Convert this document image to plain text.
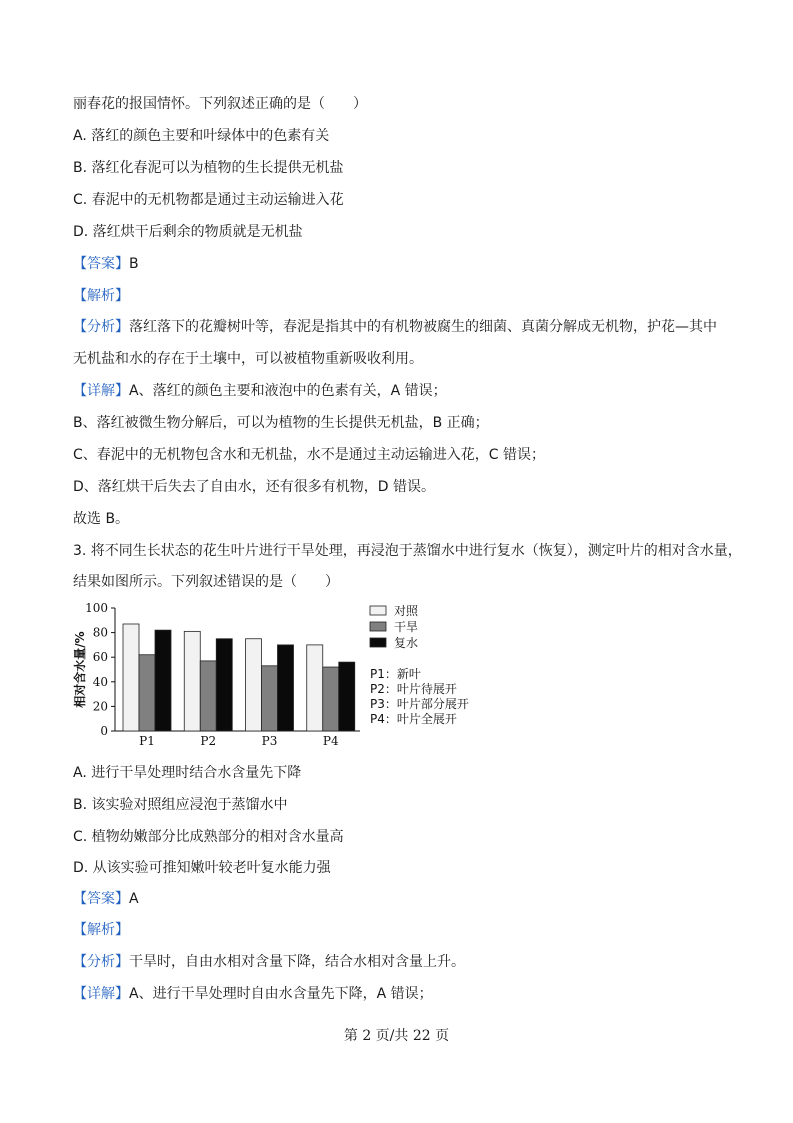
丽春花的报国情怀。下列叙述正确的是（　　）
A. 落红的颜色主要和叶绿体中的色素有关
B. 落红化春泥可以为植物的生长提供无机盐
C. 春泥中的无机物都是通过主动运输进入花
D. 落红烘干后剩余的物质就是无机盐
【答案】B
【解析】
【分析】落红落下的花瓣树叶等，春泥是指其中的有机物被腐生的细菌、真菌分解成无机物，护花—其中
无机盐和水的存在于土壤中，可以被植物重新吸收利用。
【详解】A、落红的颜色主要和液泡中的色素有关，A 错误；
B、落红被微生物分解后，可以为植物的生长提供无机盐，B 正确；
C、春泥中的无机物包含水和无机盐，水不是通过主动运输进入花，C 错误；
D、落红烘干后失去了自由水，还有很多有机物，D 错误。
故选 B。
3. 将不同生长状态的花生叶片进行干旱处理，再浸泡于蒸馏水中进行复水（恢复），测定叶片的相对含水量，
结果如图所示。下列叙述错误的是（　　）
0
20
40
60
80
100
相对含水量/%
P1	P2	P3	P4
对照
干旱
复水
P1：新叶
P2：叶片待展开
P3：叶片部分展开
P4：叶片全展开
A. 进行干旱处理时结合水含量先下降
B. 该实验对照组应浸泡于蒸馏水中
C. 植物幼嫩部分比成熟部分的相对含水量高
D. 从该实验可推知嫩叶较老叶复水能力强
【答案】A
【解析】
【分析】干旱时，自由水相对含量下降，结合水相对含量上升。
【详解】A、进行干旱处理时自由水含量先下降，A 错误；
第 2 页/共 22 页
